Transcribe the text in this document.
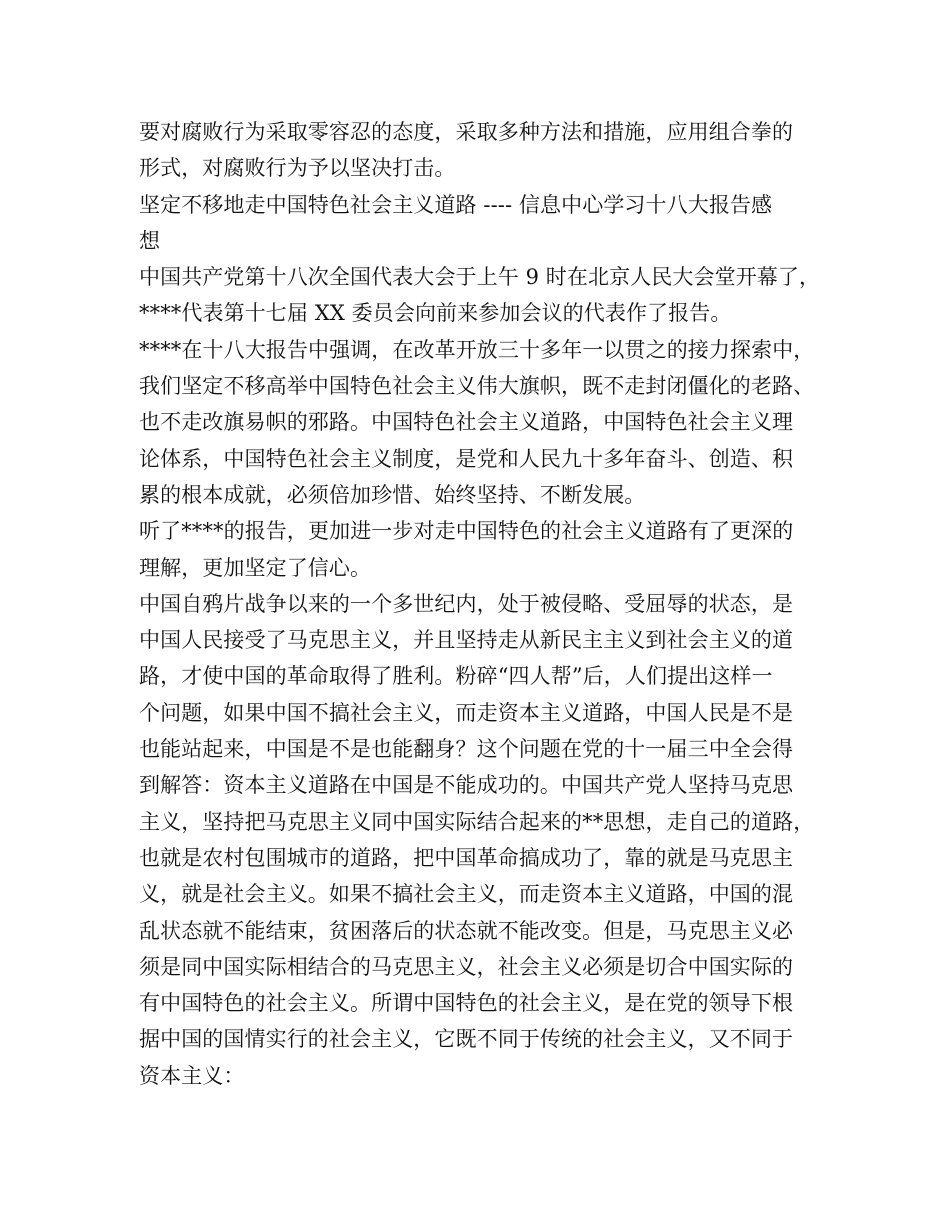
要对腐败行为采取零容忍的态度，采取多种方法和措施，应用组合拳的
形式，对腐败行为予以坚决打击。
坚定不移地走中国特色社会主义道路 ---- 信息中心学习十八大报告感
想
中国共产党第十八次全国代表大会于上午 9 时在北京人民大会堂开幕了，
****代表第十七届 XX 委员会向前来参加会议的代表作了报告。
****在十八大报告中强调，在改革开放三十多年一以贯之的接力探索中，
我们坚定不移高举中国特色社会主义伟大旗帜，既不走封闭僵化的老路、
也不走改旗易帜的邪路。中国特色社会主义道路，中国特色社会主义理
论体系，中国特色社会主义制度，是党和人民九十多年奋斗、创造、积
累的根本成就，必须倍加珍惜、始终坚持、不断发展。
听了****的报告，更加进一步对走中国特色的社会主义道路有了更深的
理解，更加坚定了信心。
中国自鸦片战争以来的一个多世纪内，处于被侵略、受屈辱的状态，是
中国人民接受了马克思主义，并且坚持走从新民主主义到社会主义的道
路，才使中国的革命取得了胜利。粉碎“四人帮”后，人们提出这样一
个问题，如果中国不搞社会主义，而走资本主义道路，中国人民是不是
也能站起来，中国是不是也能翻身？这个问题在党的十一届三中全会得
到解答：资本主义道路在中国是不能成功的。中国共产党人坚持马克思
主义，坚持把马克思主义同中国实际结合起来的**思想，走自己的道路，
也就是农村包围城市的道路，把中国革命搞成功了，靠的就是马克思主
义，就是社会主义。如果不搞社会主义，而走资本主义道路，中国的混
乱状态就不能结束，贫困落后的状态就不能改变。但是，马克思主义必
须是同中国实际相结合的马克思主义，社会主义必须是切合中国实际的
有中国特色的社会主义。所谓中国特色的社会主义，是在党的领导下根
据中国的国情实行的社会主义，它既不同于传统的社会主义，又不同于
资本主义：
